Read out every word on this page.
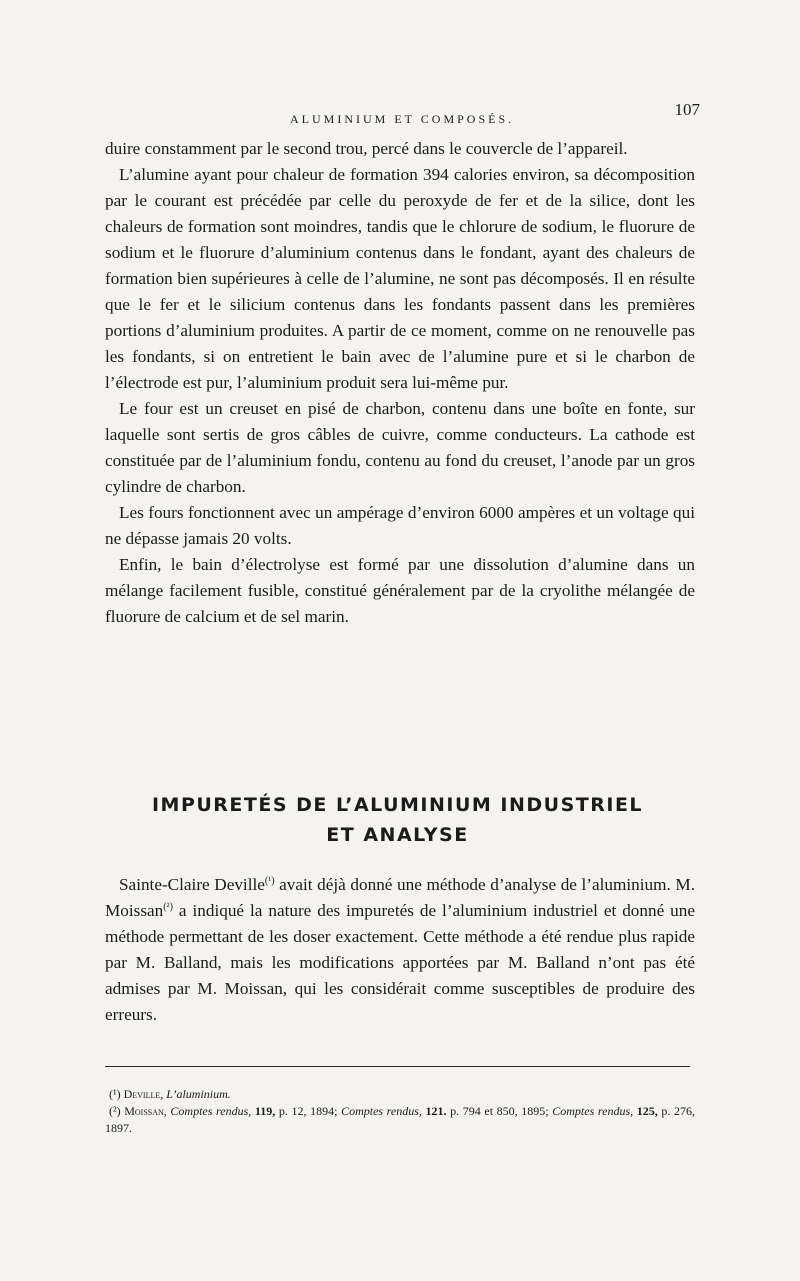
ALUMINIUM ET COMPOSÉS.	107

duire constamment par le second trou, percé dans le couvercle de l’appareil.

L’alumine ayant pour chaleur de formation 394 calories environ, sa décomposition par le courant est précédée par celle du peroxyde de fer et de la silice, dont les chaleurs de formation sont moindres, tandis que le chlorure de sodium, le fluorure de sodium et le fluorure d’aluminium contenus dans le fondant, ayant des chaleurs de formation bien supérieures à celle de l’alumine, ne sont pas décomposés. Il en résulte que le fer et le silicium contenus dans les fondants passent dans les premières portions d’aluminium produites. A partir de ce moment, comme on ne renouvelle pas les fondants, si on entretient le bain avec de l’alumine pure et si le charbon de l’électrode est pur, l’aluminium produit sera lui-même pur.

Le four est un creuset en pisé de charbon, contenu dans une boîte en fonte, sur laquelle sont sertis de gros câbles de cuivre, comme conducteurs. La cathode est constituée par de l’aluminium fondu, contenu au fond du creuset, l’anode par un gros cylindre de charbon.

Les fours fonctionnent avec un ampérage d’environ 6000 ampères et un voltage qui ne dépasse jamais 20 volts.

Enfin, le bain d’électrolyse est formé par une dissolution d’alumine dans un mélange facilement fusible, constitué généralement par de la cryolithe mélangée de fluorure de calcium et de sel marin.

IMPURETÉS DE L’ALUMINIUM INDUSTRIEL
ET ANALYSE

Sainte-Claire Deville$^{(^1)}$ avait déjà donné une méthode d’analyse de l’aluminium. M. Moissan$^{(^2)}$ a indiqué la nature des impuretés de l’aluminium industriel et donné une méthode permettant de les doser exactement. Cette méthode a été rendue plus rapide par M. Balland, mais les modifications apportées par M. Balland n’ont pas été admises par M. Moissan, qui les considérait comme susceptibles de produire des erreurs.

(¹) Deville, L’aluminium.

(²) Moissan, Comptes rendus, 119, p. 12, 1894; Comptes rendus, 121. p. 794 et 850, 1895; Comptes rendus, 125, p. 276, 1897.
